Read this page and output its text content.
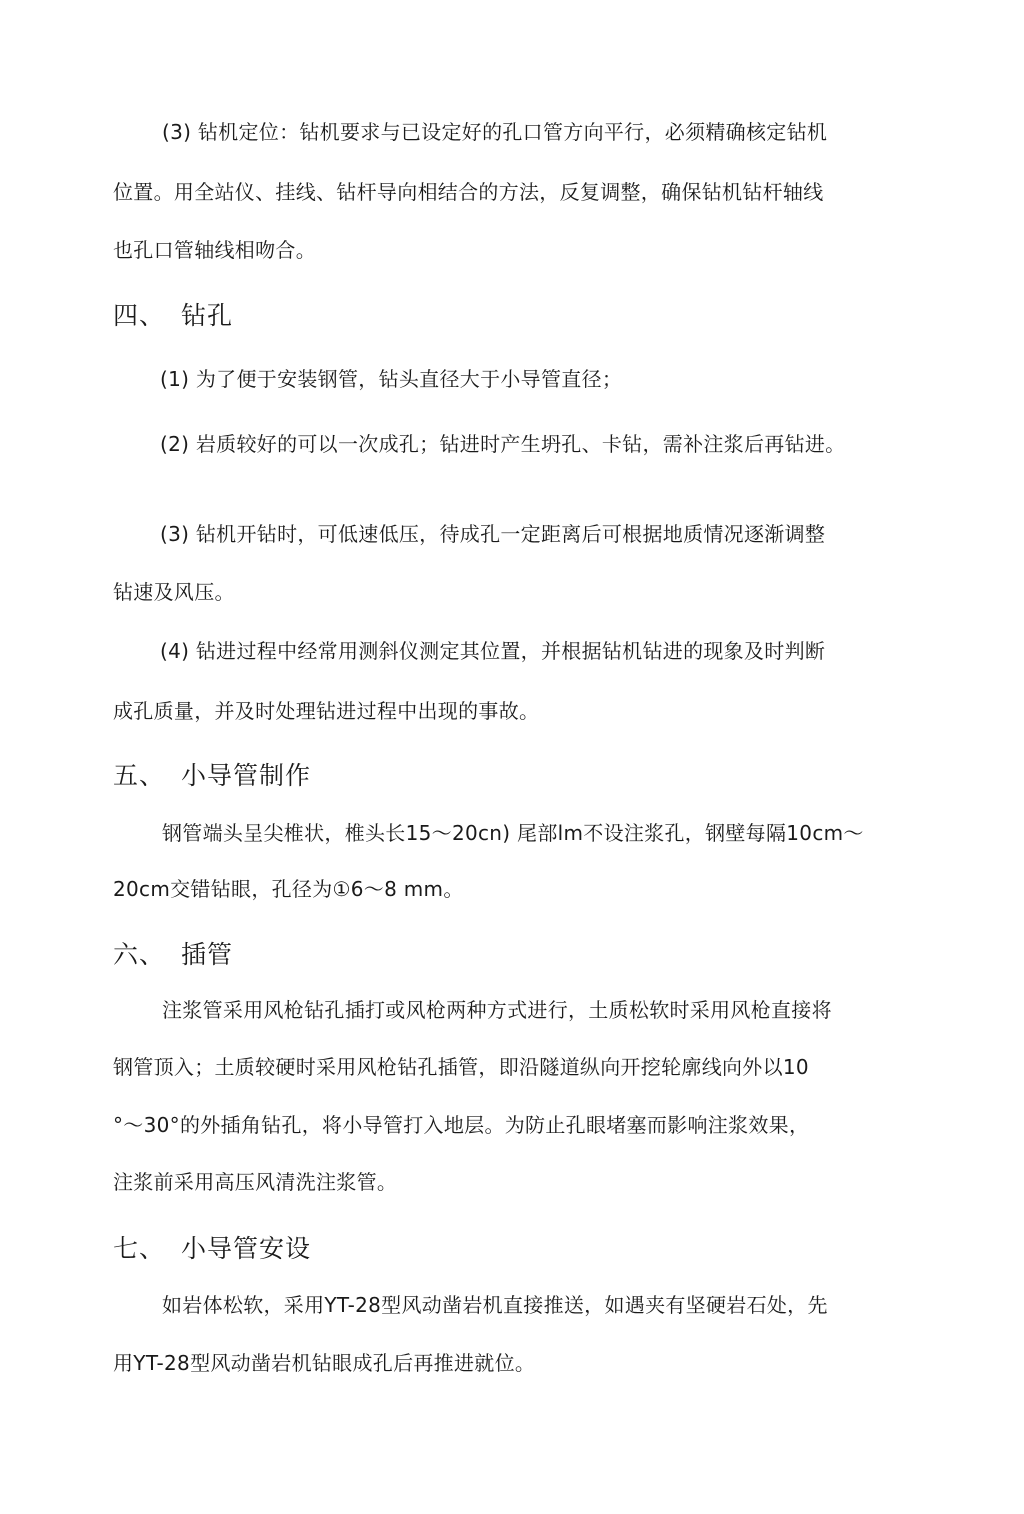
(3) 钻机定位：钻机要求与已设定好的孔口管方向平行，必须精确核定钻机
位置。用全站仪、挂线、钻杆导向相结合的方法，反复调整，确保钻机钻杆轴线
也孔口管轴线相吻合。
四、 钻孔
(1) 为了便于安装钢管，钻头直径大于小导管直径；
(2) 岩质较好的可以一次成孔；钻进时产生坍孔、卡钻，需补注浆后再钻进。
(3) 钻机开钻时，可低速低压，待成孔一定距离后可根据地质情况逐渐调整
钻速及风压。
(4) 钻进过程中经常用测斜仪测定其位置，并根据钻机钻进的现象及时判断
成孔质量，并及时处理钻进过程中出现的事故。
五、 小导管制作
钢管端头呈尖椎状，椎头长15～20cn) 尾部lm不设注浆孔，钢壁每隔10cm～
20cm交错钻眼，孔径为①6～8 mm。
六、 插管
注浆管采用风枪钻孔插打或风枪两种方式进行，土质松软时采用风枪直接将
钢管顶入；土质较硬时采用风枪钻孔插管，即沿隧道纵向开挖轮廓线向外以10
°～30°的外插角钻孔，将小导管打入地层。为防止孔眼堵塞而影响注浆效果，
注浆前采用高压风清洗注浆管。
七、 小导管安设
如岩体松软，采用YT-28型风动凿岩机直接推送，如遇夹有坚硬岩石处，先
用YT-28型风动凿岩机钻眼成孔后再推进就位。
